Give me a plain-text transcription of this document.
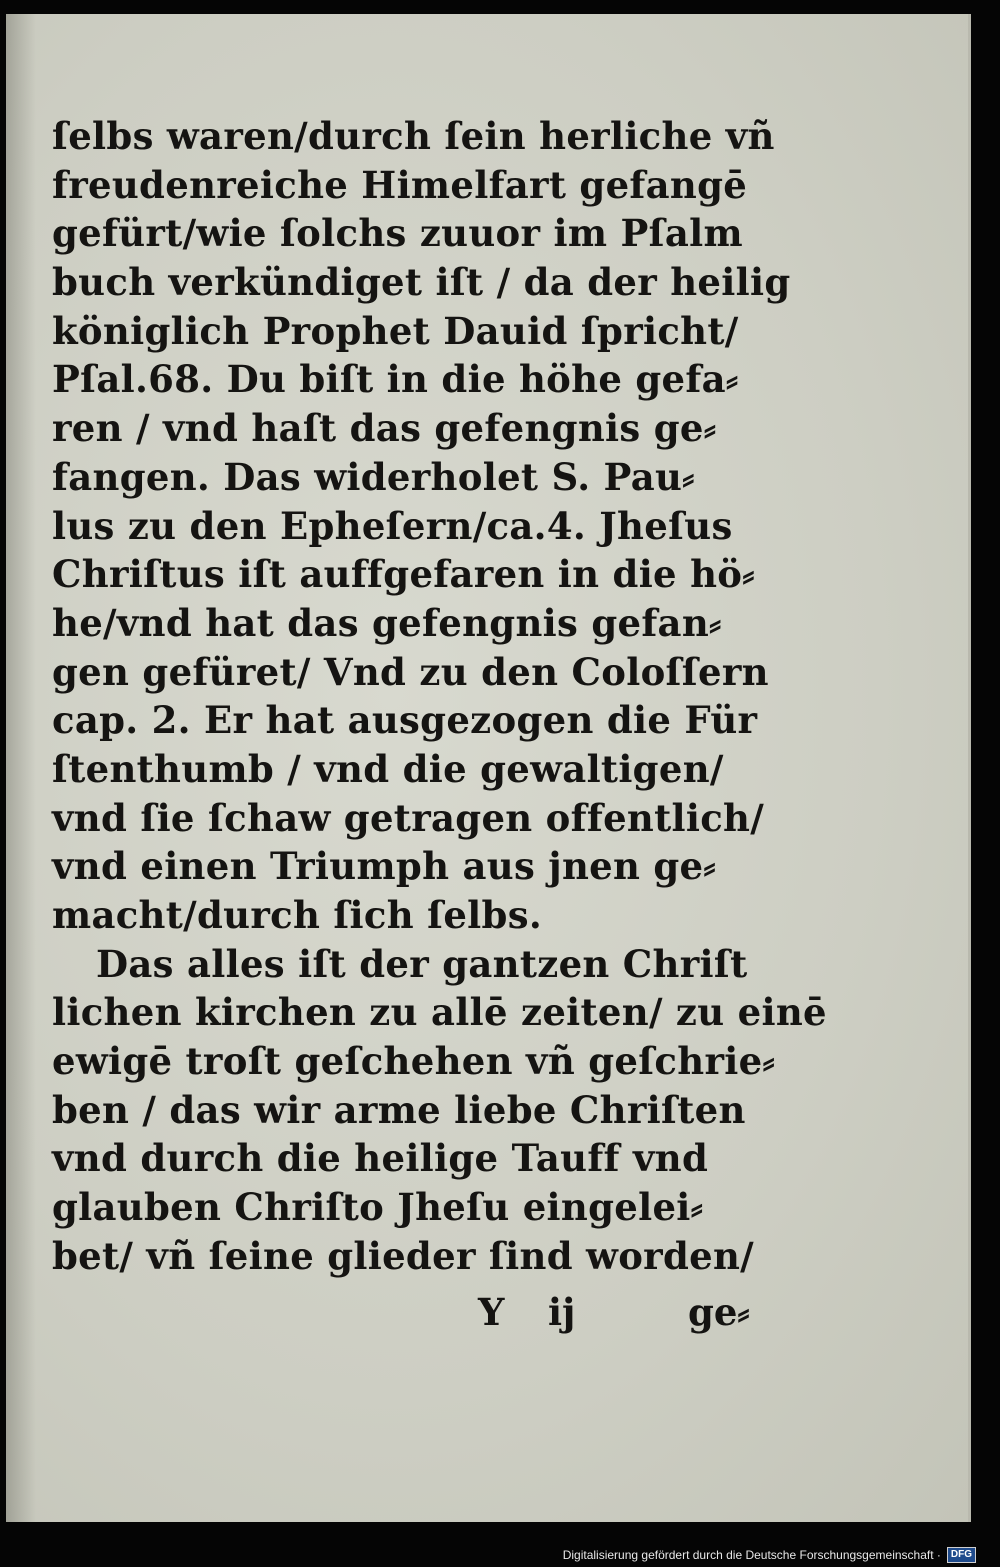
ſelbs waren/durch ſein herliche vñ
freudenreiche Himelfart gefangē
gefürt/wie ſolchs zuuor im Pſalm
buch verkündiget iſt / da der heilig
königlich Prophet Dauid ſpricht/
Pſal.68. Du biſt in die höhe gefa⸗
ren / vnd haſt das gefengnis ge⸗
fangen. Das widerholet S. Pau⸗
lus zu den Epheſern/ca.4. Jheſus
Chriſtus iſt auffgefaren in die hö⸗
he/vnd hat das gefengnis gefan⸗
gen gefüret/ Vnd zu den Coloſſern
cap. 2. Er hat ausgezogen die Für
ſtenthumb / vnd die gewaltigen/
vnd ſie ſchaw getragen offentlich/
vnd einen Triumph aus jnen ge⸗
macht/durch ſich ſelbs.
Das alles iſt der gantzen Chriſt
lichen kirchen zu allē zeiten/ zu einē
ewigē troſt geſchehen vñ geſchrie⸗
ben / das wir arme liebe Chriſten
vnd durch die heilige Tauff vnd
glauben Chriſto Jheſu eingelei⸗
bet/ vñ ſeine glieder ſind worden/
Y ij	ge⸗
Digitalisierung gefördert durch die Deutsche Forschungsgemeinschaft ·	DFG
